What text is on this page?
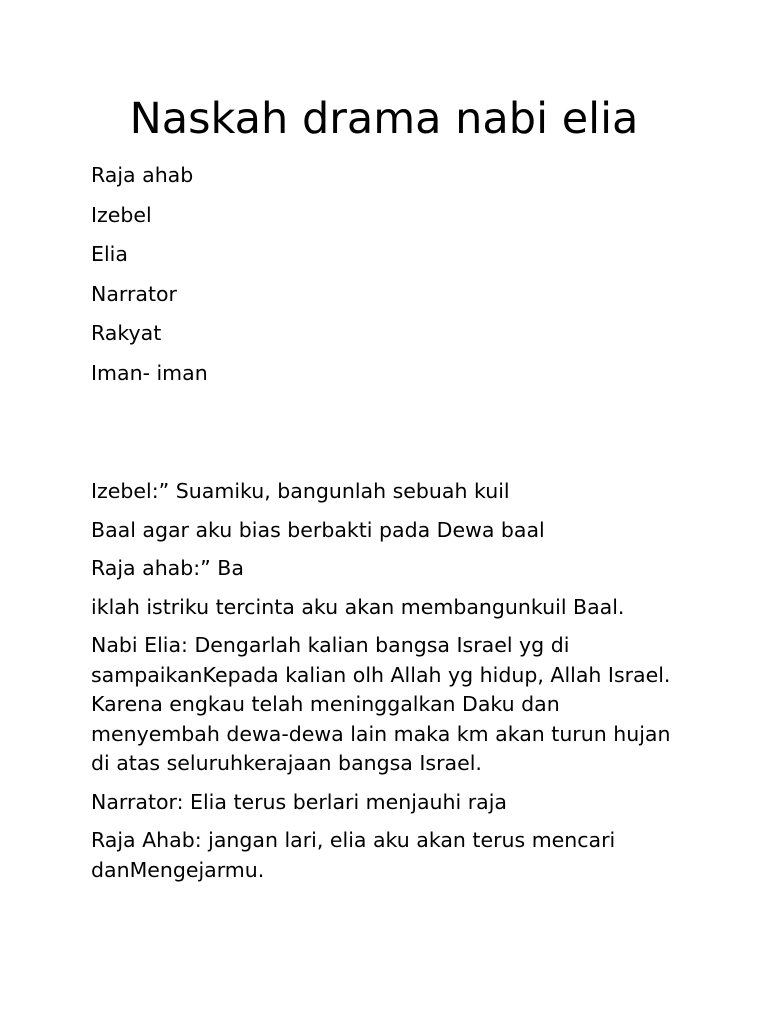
Naskah drama nabi elia
Raja ahab
Izebel
Elia
Narrator
Rakyat
Iman- iman

Izebel:” Suamiku, bangunlah sebuah kuil

Baal agar aku bias berbakti pada Dewa baal

Raja ahab:” Ba

iklah istriku tercinta aku akan membangunkuil Baal.

Nabi Elia: Dengarlah kalian bangsa Israel yg di sampaikanKepada kalian olh Allah yg hidup, Allah Israel. Karena engkau telah meninggalkan Daku dan menyembah dewa-dewa lain maka km akan turun hujan di atas seluruhkerajaan bangsa Israel.

Narrator: Elia terus berlari menjauhi raja

Raja Ahab: jangan lari, elia aku akan terus mencari danMengejarmu.
